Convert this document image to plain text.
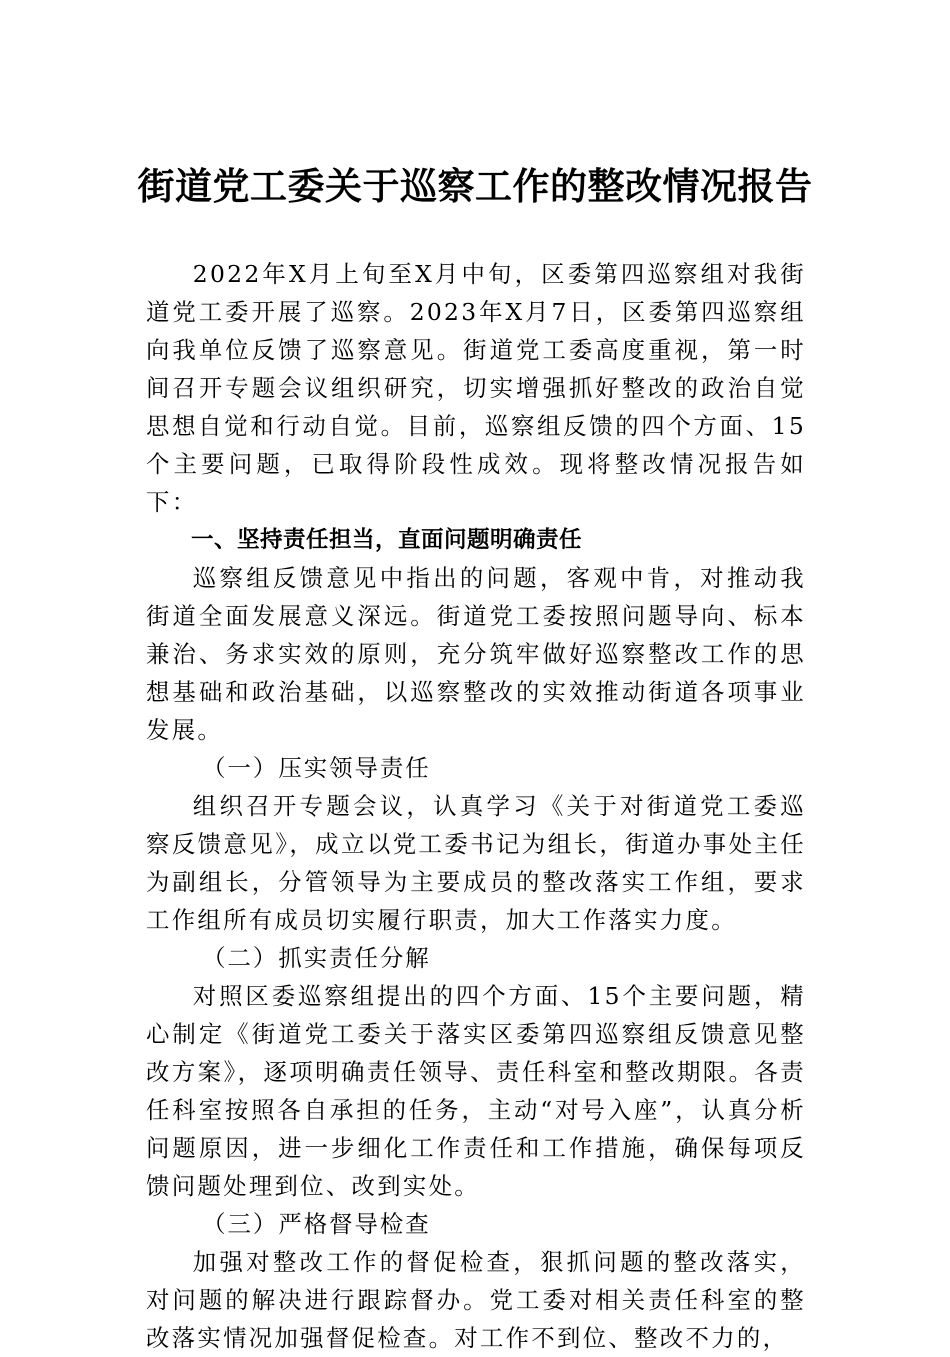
街道党工委关于巡察工作的整改情况报告

2022年X月上旬至X月中旬，区委第四巡察组对我街道党工委开展了巡察。2023年X月7日，区委第四巡察组向我单位反馈了巡察意见。街道党工委高度重视，第一时间召开专题会议组织研究，切实增强抓好整改的政治自觉思想自觉和行动自觉。目前，巡察组反馈的四个方面、15个主要问题，已取得阶段性成效。现将整改情况报告如下：

一、坚持责任担当，直面问题明确责任

巡察组反馈意见中指出的问题，客观中肯，对推动我街道全面发展意义深远。街道党工委按照问题导向、标本兼治、务求实效的原则，充分筑牢做好巡察整改工作的思想基础和政治基础，以巡察整改的实效推动街道各项事业发展。

（一）压实领导责任

组织召开专题会议，认真学习《关于对街道党工委巡察反馈意见》，成立以党工委书记为组长，街道办事处主任为副组长，分管领导为主要成员的整改落实工作组，要求工作组所有成员切实履行职责，加大工作落实力度。

（二）抓实责任分解

对照区委巡察组提出的四个方面、15个主要问题，精心制定《街道党工委关于落实区委第四巡察组反馈意见整改方案》，逐项明确责任领导、责任科室和整改期限。各责任科室按照各自承担的任务，主动“对号入座”，认真分析问题原因，进一步细化工作责任和工作措施，确保每项反馈问题处理到位、改到实处。

（三）严格督导检查

加强对整改工作的督促检查，狠抓问题的整改落实，对问题的解决进行跟踪督办。党工委对相关责任科室的整改落实情况加强督促检查。对工作不到位、整改不力的，
